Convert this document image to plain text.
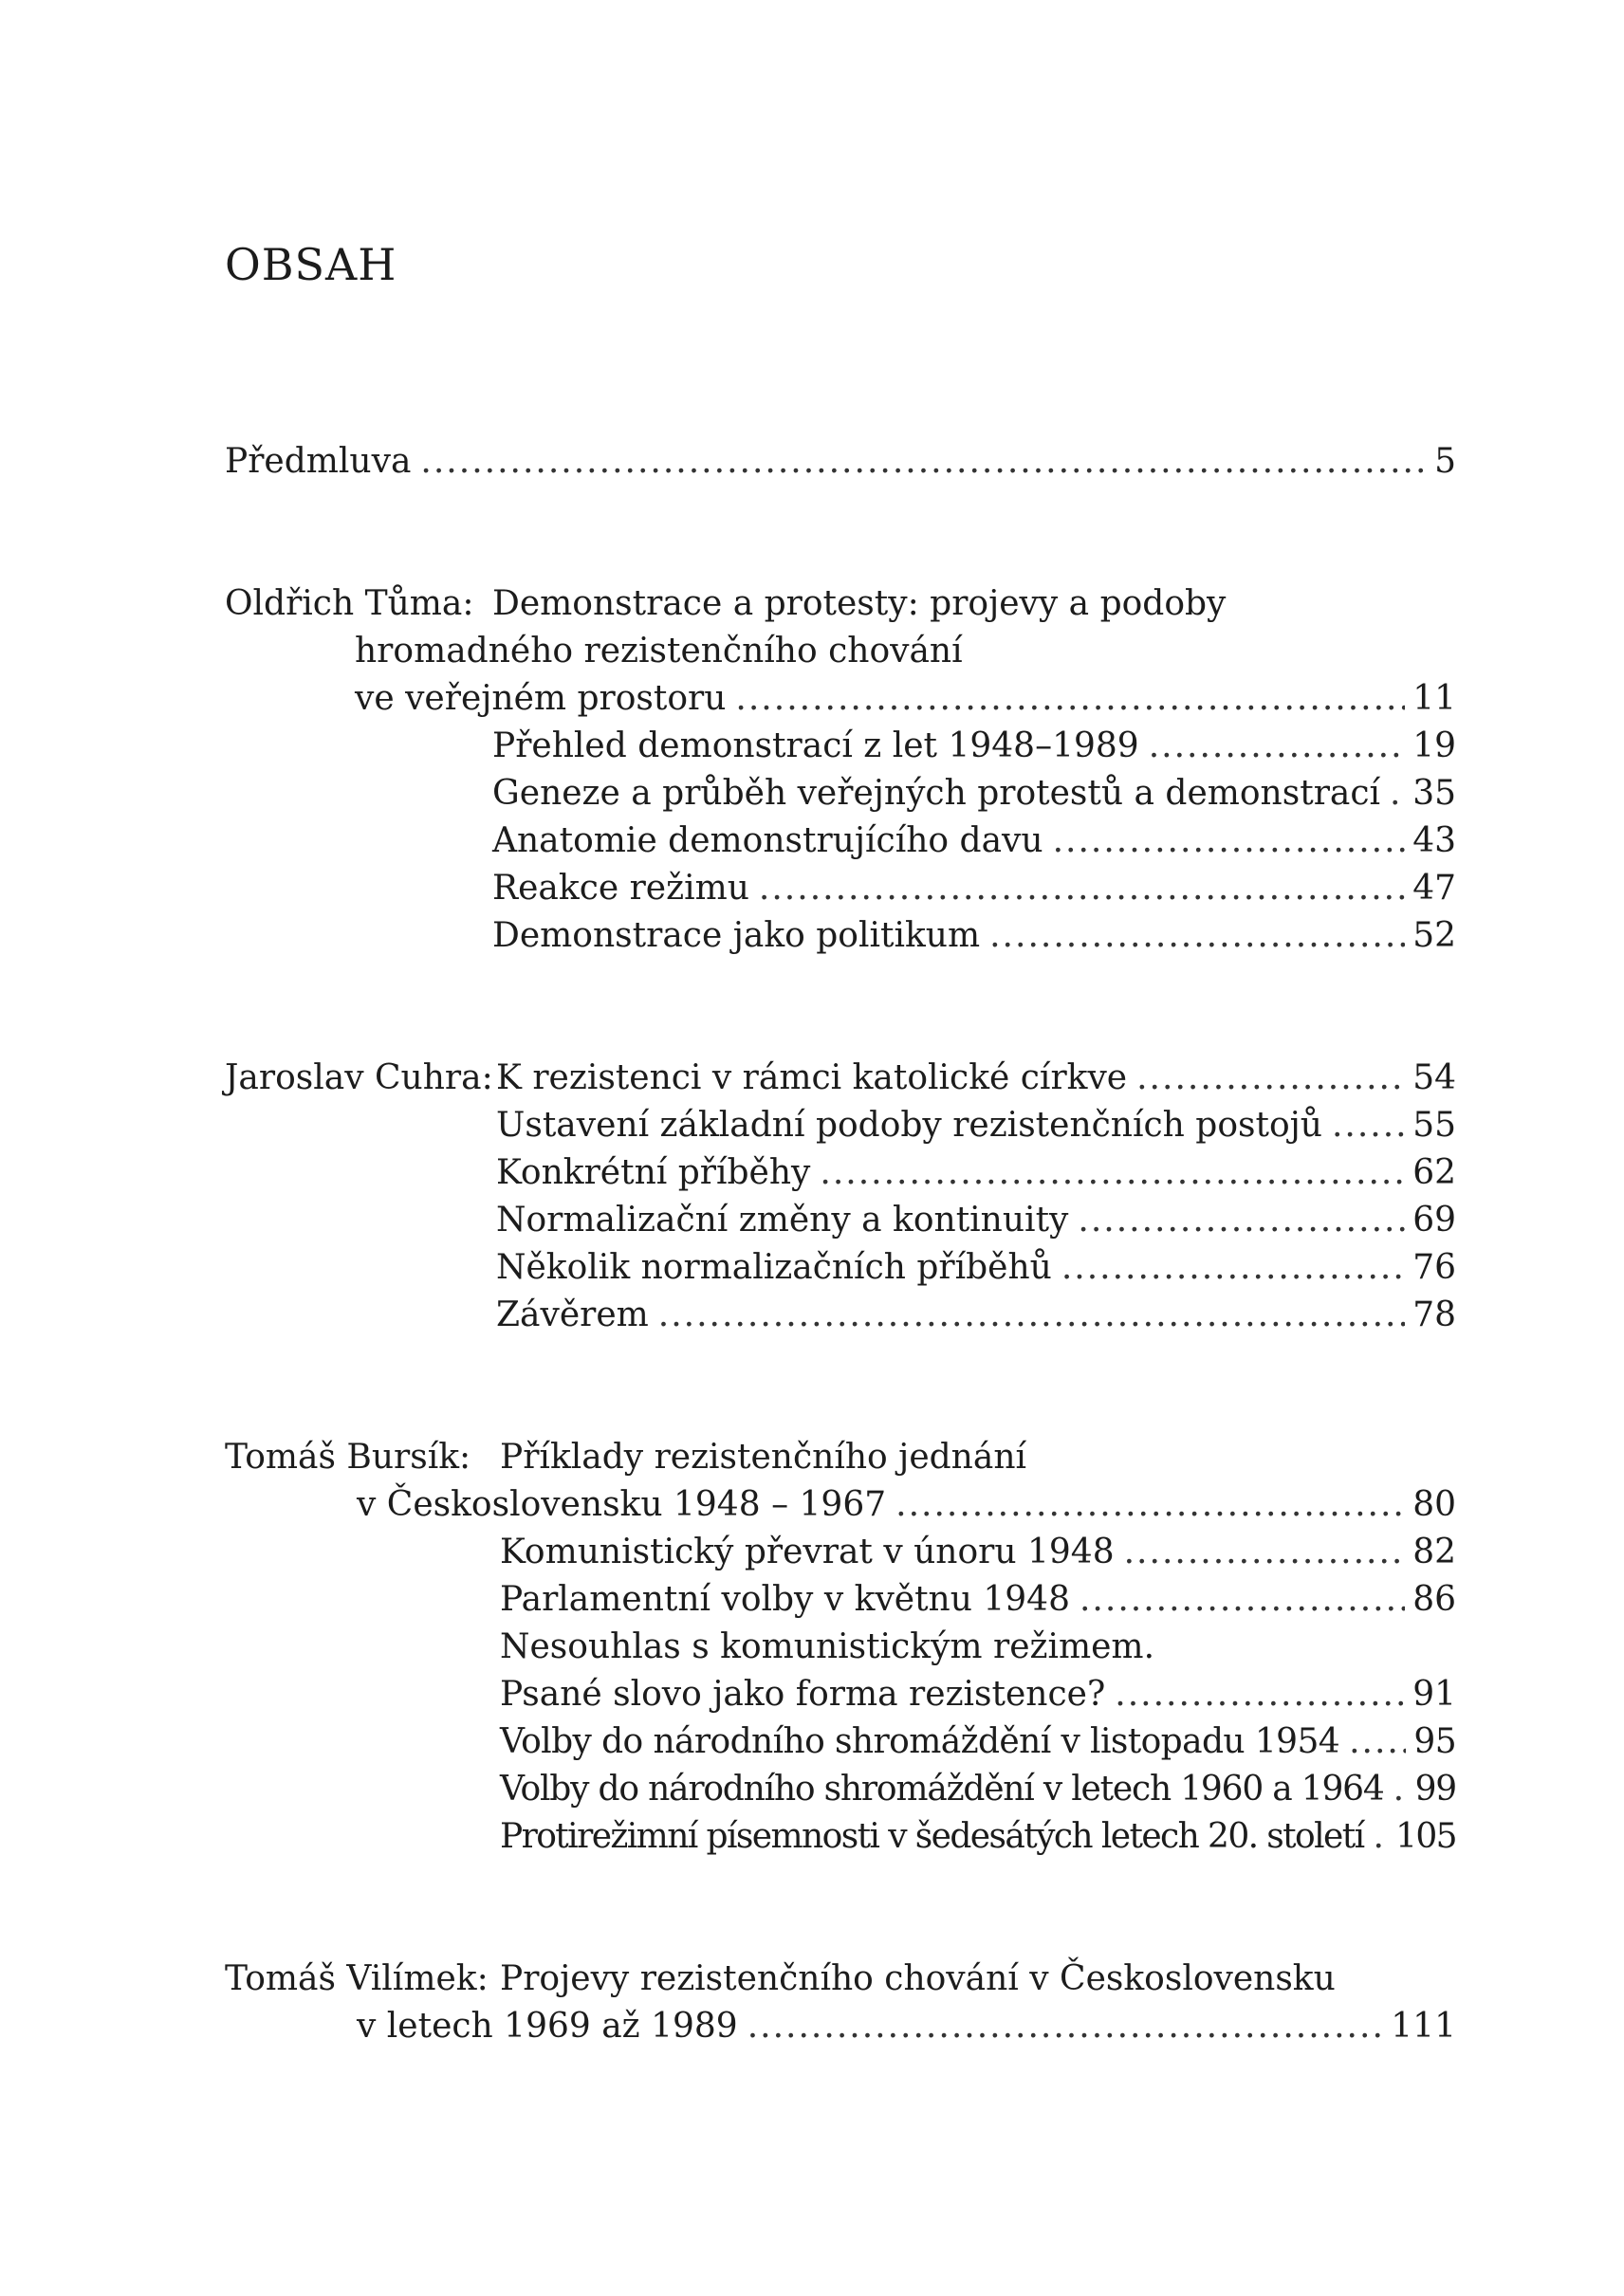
OBSAH
Předmluva .....	5
Oldřich Tůma: Demonstrace a protesty: projevy a podoby
hromadného rezistenčního chování
ve veřejném prostoru .....	11
Přehled demonstrací z let 1948–1989 .....	19
Geneze a průběh veřejných protestů a demonstrací ..... 35
Anatomie demonstrujícího davu .....	43
Reakce režimu .....	47
Demonstrace jako politikum .....	52
Jaroslav Cuhra: K rezistenci v rámci katolické církve .....	54
Ustavení základní podoby rezistenčních postojů .....	55
Konkrétní příběhy .....	62
Normalizační změny a kontinuity .....	69
Několik normalizačních příběhů .....	76
Závěrem .....	78
Tomáš Bursík: Příklady rezistenčního jednání
v Československu 1948 – 1967 .....	80
Komunistický převrat v únoru 1948 .....	82
Parlamentní volby v květnu 1948 .....	86
Nesouhlas s komunistickým režimem.
Psané slovo jako forma rezistence? .....	91
Volby do národního shromáždění v listopadu 1954 ..... 95
Volby do národního shromáždění v letech 1960 a 1964 ..... 99
Protirežimní písemnosti v šedesátých letech 20. století ..... 105
Tomáš Vilímek: Projevy rezistenčního chování v Československu
v letech 1969 až 1989 .....	111
